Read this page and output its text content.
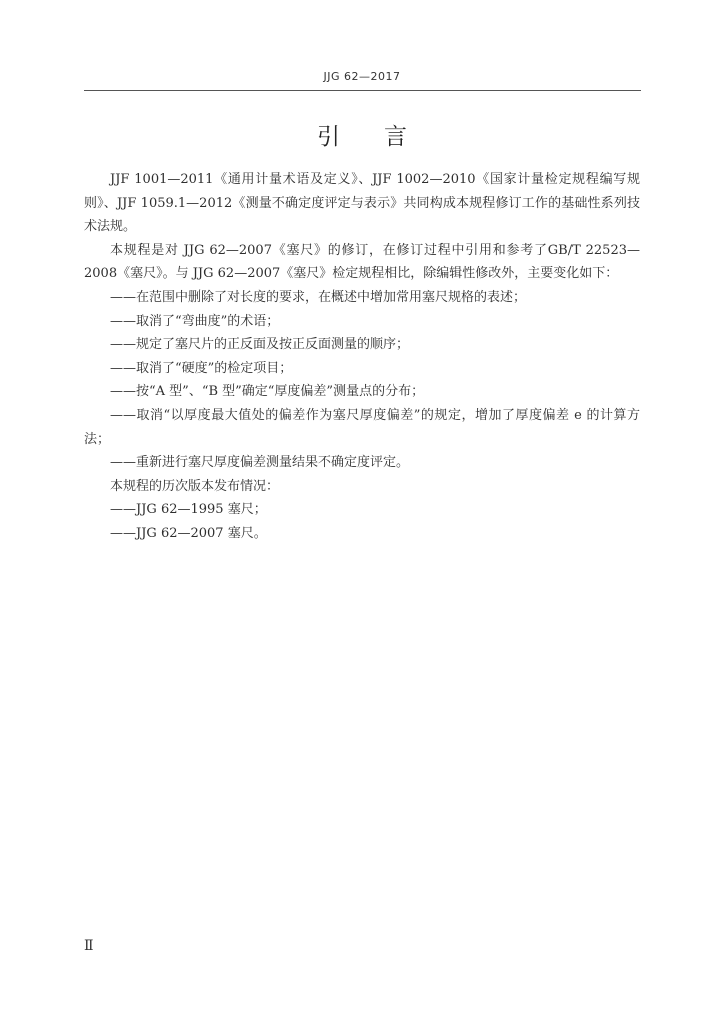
JJG 62—2017
引言

JJF 1001—2011《通用计量术语及定义》、JJF 1002—2010《国家计量检定规程编写规则》、JJF 1059.1—2012《测量不确定度评定与表示》共同构成本规程修订工作的基础性系列技术法规。

本规程是对 JJG 62—2007《塞尺》的修订，在修订过程中引用和参考了GB/T 22523—2008《塞尺》。与 JJG 62—2007《塞尺》检定规程相比，除编辑性修改外，主要变化如下：

——在范围中删除了对长度的要求，在概述中增加常用塞尺规格的表述；

——取消了“弯曲度”的术语；

——规定了塞尺片的正反面及按正反面测量的顺序；

——取消了“硬度”的检定项目；

——按“A 型”、“B 型”确定“厚度偏差”测量点的分布；

——取消“以厚度最大值处的偏差作为塞尺厚度偏差”的规定，增加了厚度偏差 e 的计算方法；

——重新进行塞尺厚度偏差测量结果不确定度评定。

本规程的历次版本发布情况：

——JJG 62—1995 塞尺；

——JJG 62—2007 塞尺。

Ⅱ
